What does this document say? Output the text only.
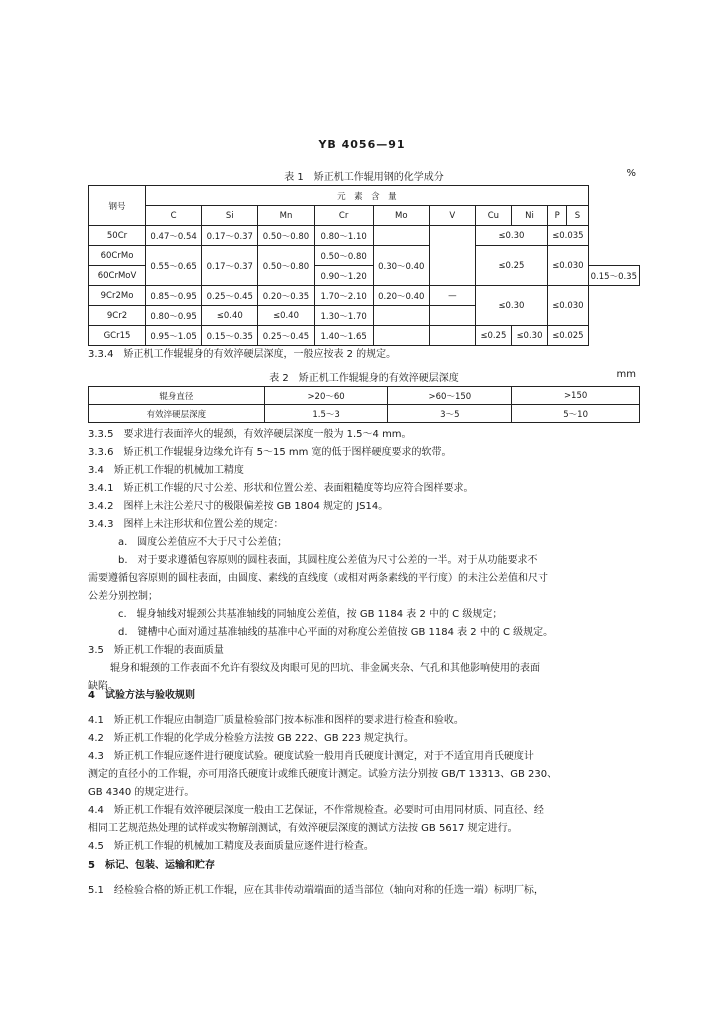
YB 4056—91
表 1　矫正机工作辊用钢的化学成分	%
钢号	元　素　含　量										
	C	Si	Mn	Cr	Mo	V	Cu	Ni	P	S	
50Cr	0.47～0.54	0.17～0.37	0.50～0.80	0.80～1.10			≤0.30		≤0.035		
60CrMo	0.55～0.65	0.17～0.37	0.50～0.80	0.50～0.80	0.30～0.40		≤0.25		≤0.030		
60CrMoV				0.90～1.20							0.15～0.35
9Cr2Mo	0.85～0.95	0.25～0.45	0.20～0.35	1.70～2.10	0.20～0.40	—	≤0.30		≤0.030		
9Cr2	0.80～0.95	≤0.40	≤0.40	1.30～1.70							
GCr15	0.95～1.05	0.15～0.35	0.25～0.45	1.40～1.65			≤0.25	≤0.30	≤0.025		
3.3.4　矫正机工作辊辊身的有效淬硬层深度，一般应按表 2 的规定。
表 2　矫正机工作辊辊身的有效淬硬层深度	mm
辊身直径	>20～60	>60～150	>150
有效淬硬层深度	1.5～3	3～5	5～10
3.3.5　要求进行表面淬火的辊颈，有效淬硬层深度一般为 1.5～4 mm。
3.3.6　矫正机工作辊辊身边缘允许有 5～15 mm 宽的低于图样硬度要求的软带。
3.4　矫正机工作辊的机械加工精度
3.4.1　矫正机工作辊的尺寸公差、形状和位置公差、表面粗糙度等均应符合图样要求。
3.4.2　图样上未注公差尺寸的极限偏差按 GB 1804 规定的 JS14。
3.4.3　图样上未注形状和位置公差的规定：
a.　圆度公差值应不大于尺寸公差值；
b.　对于要求遵循包容原则的圆柱表面，其圆柱度公差值为尺寸公差的一半。对于从功能要求不
需要遵循包容原则的圆柱表面，由圆度、素线的直线度（或相对两条素线的平行度）的未注公差值和尺寸
公差分别控制；
c.　辊身轴线对辊颈公共基准轴线的同轴度公差值，按 GB 1184 表 2 中的 C 级规定；
d.　键槽中心面对通过基准轴线的基准中心平面的对称度公差值按 GB 1184 表 2 中的 C 级规定。
3.5　矫正机工作辊的表面质量
辊身和辊颈的工作表面不允许有裂纹及肉眼可见的凹坑、非金属夹杂、气孔和其他影响使用的表面
缺陷。
4　试验方法与验收规则
4.1　矫正机工作辊应由制造厂质量检验部门按本标准和图样的要求进行检查和验收。
4.2　矫正机工作辊的化学成分检验方法按 GB 222、GB 223 规定执行。
4.3　矫正机工作辊应逐件进行硬度试验。硬度试验一般用肖氏硬度计测定，对于不适宜用肖氏硬度计
测定的直径小的工作辊，亦可用洛氏硬度计或维氏硬度计测定。试验方法分别按 GB/T 13313、GB 230、
GB 4340 的规定进行。
4.4　矫正机工作辊有效淬硬层深度一般由工艺保证，不作常规检查。必要时可由用同材质、同直径、经
相同工艺规范热处理的试样或实物解剖测试，有效淬硬层深度的测试方法按 GB 5617 规定进行。
4.5　矫正机工作辊的机械加工精度及表面质量应逐件进行检查。
5　标记、包装、运输和贮存
5.1　经检验合格的矫正机工作辊，应在其非传动端端面的适当部位（轴向对称的任选一端）标明厂标，
